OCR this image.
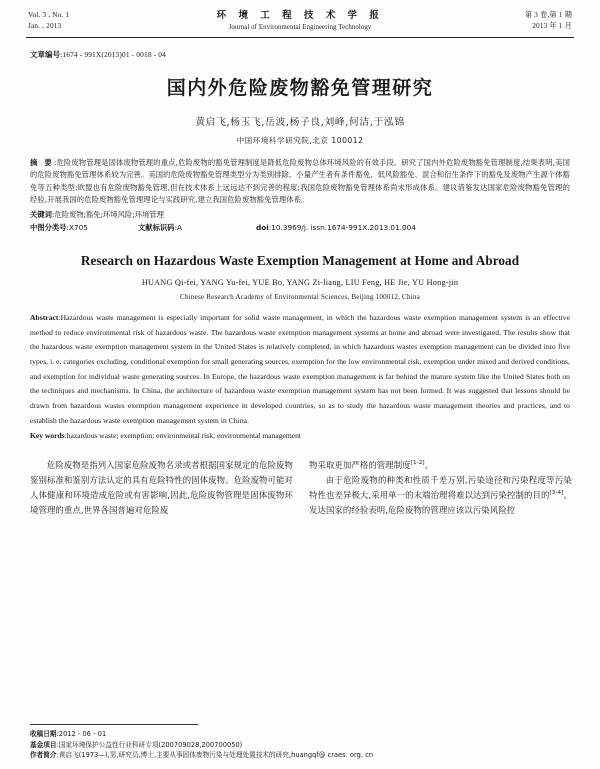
Vol. 3 , No. 1
Jan. , 2013
环 境 工 程 技 术 学 报
Journal of Environmental Engineering Technology
第 3 卷,第 1 期
2013 年 1 月
文章编号:1674 - 991X(2013)01 - 0018 - 04
国内外危险废物豁免管理研究
黄启飞,杨玉飞,岳波,杨子良,刘峰,何洁,于泓锦
中国环境科学研究院,北京 100012
摘 要:危险废物管理是固体废物管理的重点,危险废物的豁免管理制度是降低危险废物总体环境风险的有效手段。研究了国内外危险废物豁免管理制度,结果表明,美国的危险废物豁免管理体系较为完善。美国的危险废物豁免管理类型分为类别排除、小量产生者有条件豁免、低风险豁免、混合和衍生条件下的豁免及废物产生源个体豁免等五种类型;欧盟也有危险废物豁免管理,但在技术体系上远远达不到完善的程度;我国危险废物豁免管理体系尚未形成体系。建议借鉴发达国家危险废物豁免管理的经验,开展我国的危险废物豁免管理理论与实践研究,建立我国危险废物豁免管理体系。
关键词:危险废物;豁免;环境风险;环境管理
中图分类号:X705	文献标识码:A	doi:10.3969/j. issn.1674-991X.2013.01.004
Research on Hazardous Waste Exemption Management at Home and Abroad
HUANG Qi-fei, YANG Yu-fei, YUE Bo, YANG Zi-liang, LIU Feng, HE Jie, YU Hong-jin
Chinese Research Academy of Environmental Sciences, Beijing 100012, China
Abstract:Hazardous waste management is especially important for solid waste management, in which the hazardous waste exemption management system is an effective method to reduce environmental risk of hazardous waste. The hazardous waste exemption management systems at home and abroad were investigated. The results show that the hazardous waste exemption management system in the United States is relatively completed, in which hazardous wastes exemption management can be divided into five types, i. e. categories excluding, conditional exemption for small generating sources, exemption for the low environmental risk, exemption under mixed and derived conditions, and exemption for individual waste generating sources. In Europe, the hazardous waste exemption management is far behind the mature system like the United States both on the techniques and mechanisms. In China, the architecture of hazardous waste exemption management system has not been formed. It was suggested that lessons should be drawn from hazardous wastes exemption management experience in developed countries, so as to study the hazardous waste management theories and practices, and to establish the hazardous waste exemption management system in China.
Key words:hazardous waste; exemption; environmental risk; environmental management

危险废物是指列入国家危险废物名录或者根据国家规定的危险废物鉴别标准和鉴别方法认定的具有危险特性的固体废物。危险废物可能对人体健康和环境造成危险或有害影响,因此,危险废物管理是固体废物环境管理的重点,世界各国普遍对危险废

物采取更加严格的管理制度[1-2]。

由于危险废物的种类和性质千差万别,污染途径和污染程度等污染特性也差异极大,采用单一的末端治理将难以达到污染控制的目的[3-4]。发达国家的经验表明,危险废物的管理应该以污染风险控

收稿日期:2012 - 06 - 01
基金项目:国家环境保护公益性行业科研专项(200709028,200700050)
作者简介:黄启飞(1973—),男,研究员,博士,主要从事固体废物污染与处理处置技术的研究,huangqf@ craes. org. cn
